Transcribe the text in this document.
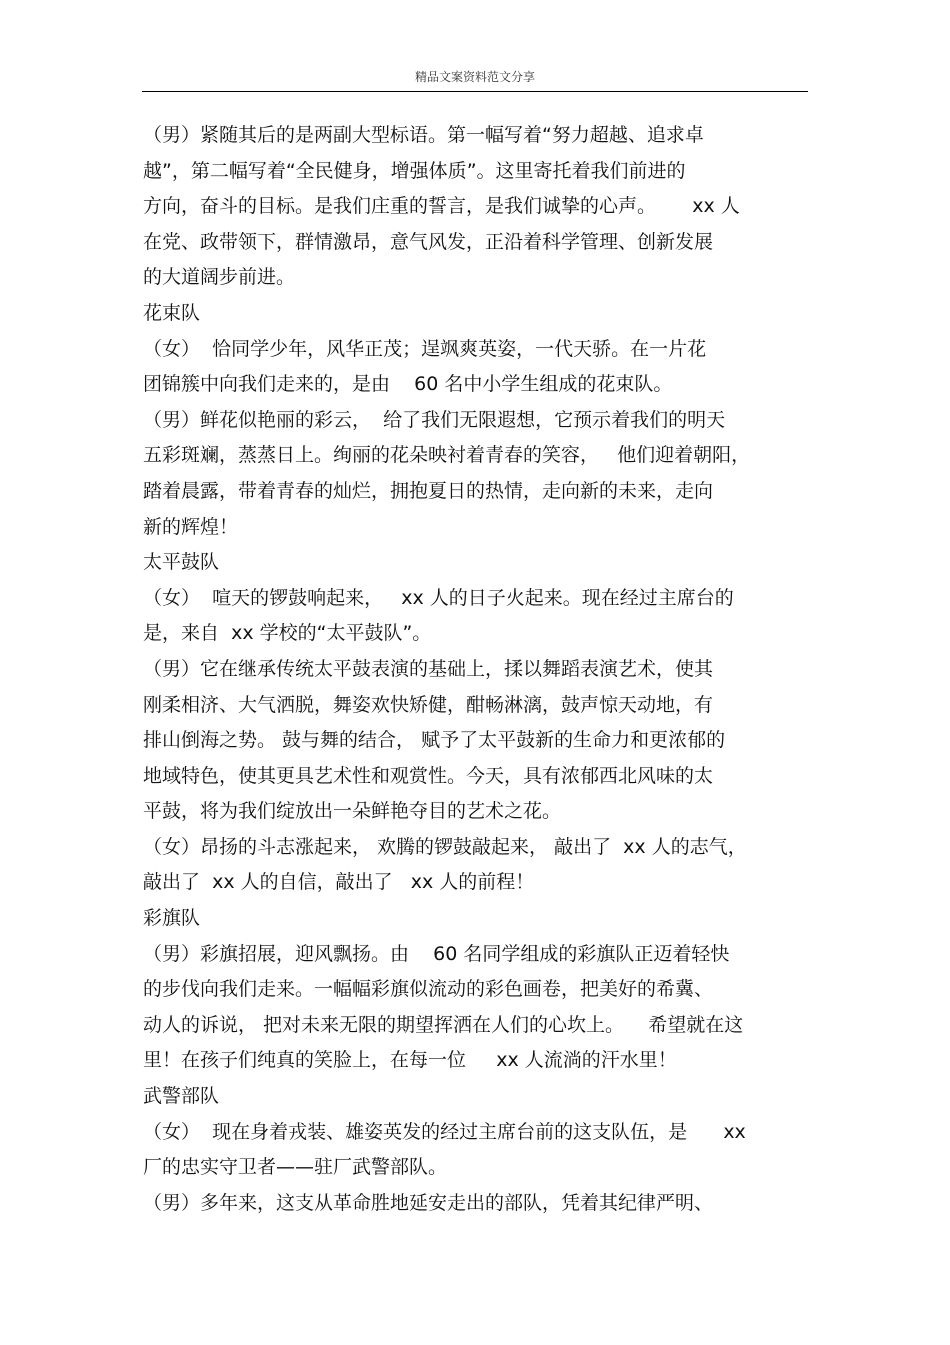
精品文案资料范文分享
（男）紧随其后的是两副大型标语。第一幅写着“努力超越、追求卓
越”，第二幅写着“全民健身，增强体质”。这里寄托着我们前进的
方向，奋斗的目标。是我们庄重的誓言，是我们诚挚的心声。      xx 人
在党、政带领下，群情激昂，意气风发，正沿着科学管理、创新发展
的大道阔步前进。
花束队
（女）  恰同学少年，风华正茂；逞飒爽英姿，一代天骄。在一片花
团锦簇中向我们走来的，是由    60 名中小学生组成的花束队。
（男）鲜花似艳丽的彩云，  给了我们无限遐想，它预示着我们的明天
五彩斑斓，蒸蒸日上。绚丽的花朵映衬着青春的笑容，   他们迎着朝阳，
踏着晨露，带着青春的灿烂，拥抱夏日的热情，走向新的未来，走向
新的辉煌！
太平鼓队
（女）  喧天的锣鼓响起来，   xx 人的日子火起来。现在经过主席台的
是，来自  xx 学校的“太平鼓队”。
（男）它在继承传统太平鼓表演的基础上，揉以舞蹈表演艺术，使其
刚柔相济、大气洒脱，舞姿欢快矫健，酣畅淋漓，鼓声惊天动地，有
排山倒海之势。 鼓与舞的结合， 赋予了太平鼓新的生命力和更浓郁的
地域特色，使其更具艺术性和观赏性。今天，具有浓郁西北风味的太
平鼓，将为我们绽放出一朵鲜艳夺目的艺术之花。
（女）昂扬的斗志涨起来， 欢腾的锣鼓敲起来， 敲出了  xx 人的志气，
敲出了  xx 人的自信，敲出了   xx 人的前程！
彩旗队
（男）彩旗招展，迎风飘扬。由    60 名同学组成的彩旗队正迈着轻快
的步伐向我们走来。一幅幅彩旗似流动的彩色画卷，把美好的希冀、
动人的诉说， 把对未来无限的期望挥洒在人们的心坎上。    希望就在这
里！在孩子们纯真的笑脸上，在每一位     xx 人流淌的汗水里！
武警部队
（女）  现在身着戎装、雄姿英发的经过主席台前的这支队伍，是      xx
厂的忠实守卫者——驻厂武警部队。
（男）多年来，这支从革命胜地延安走出的部队，凭着其纪律严明、
